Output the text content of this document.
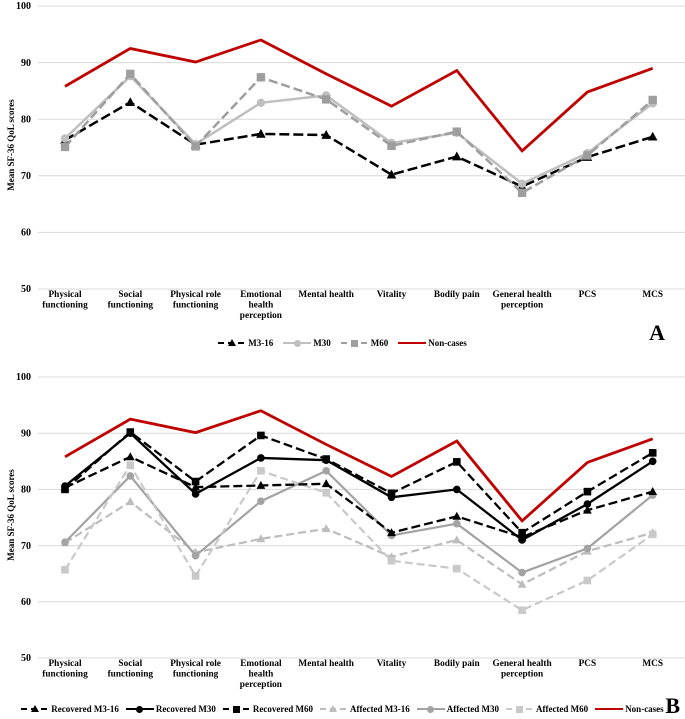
50
60
70
80
90
100
Physical functioning
Social functioning
Physical role functioning
Emotional health perception
Mental health Vitality	Bodily pain General health perception
PCS	MCS
Mean SF-36 QoL scores
M3-16	M30	M60	Non-cases	A
50
60
70
80
90
100
Physical functioning
Social functioning
Physical role functioning
Emotional health perception
Mental health Vitality	Bodily pain General health perception
PCS	MCS
Mean SF-36 QoL scores
Recovered M3-16	Recovered M30	Recovered M60	Affected M3-16	Affected M30	Affected M60	Non-cases B
